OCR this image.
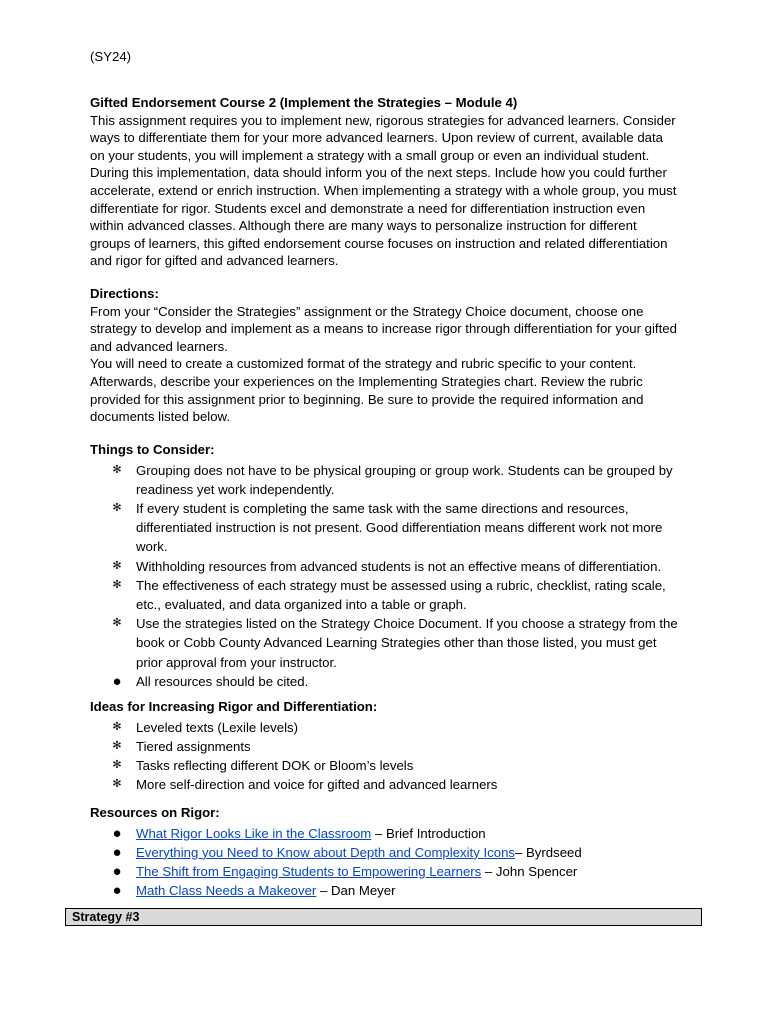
(SY24)

Gifted Endorsement Course 2 (Implement the Strategies – Module 4)

This assignment requires you to implement new, rigorous strategies for advanced learners. Consider ways to differentiate them for your more advanced learners. Upon review of current, available data on your students, you will implement a strategy with a small group or even an individual student. During this implementation, data should inform you of the next steps. Include how you could further accelerate, extend or enrich instruction. When implementing a strategy with a whole group, you must differentiate for rigor. Students excel and demonstrate a need for differentiation instruction even within advanced classes. Although there are many ways to personalize instruction for different groups of learners, this gifted endorsement course focuses on instruction and related differentiation and rigor for gifted and advanced learners.

Directions:

From your “Consider the Strategies” assignment or the Strategy Choice document, choose one strategy to develop and implement as a means to increase rigor through differentiation for your gifted and advanced learners.

You will need to create a customized format of the strategy and rubric specific to your content. Afterwards, describe your experiences on the Implementing Strategies chart. Review the rubric provided for this assignment prior to beginning. Be sure to provide the required information and documents listed below.

Things to Consider:

✻ Grouping does not have to be physical grouping or group work. Students can be grouped by readiness yet work independently.
✻ If every student is completing the same task with the same directions and resources, differentiated instruction is not present. Good differentiation means different work not more work.
✻ Withholding resources from advanced students is not an effective means of differentiation.
✻ The effectiveness of each strategy must be assessed using a rubric, checklist, rating scale, etc., evaluated, and data organized into a table or graph.
✻ Use the strategies listed on the Strategy Choice Document. If you choose a strategy from the book or Cobb County Advanced Learning Strategies other than those listed, you must get prior approval from your instructor.
● All resources should be cited.

Ideas for Increasing Rigor and Differentiation:

✻ Leveled texts (Lexile levels)
✻ Tiered assignments
✻ Tasks reflecting different DOK or Bloom’s levels
✻ More self-direction and voice for gifted and advanced learners

Resources on Rigor:

● What Rigor Looks Like in the Classroom – Brief Introduction
● Everything you Need to Know about Depth and Complexity Icons– Byrdseed
● The Shift from Engaging Students to Empowering Learners – John Spencer
● Math Class Needs a Makeover – Dan Meyer
Strategy #3
